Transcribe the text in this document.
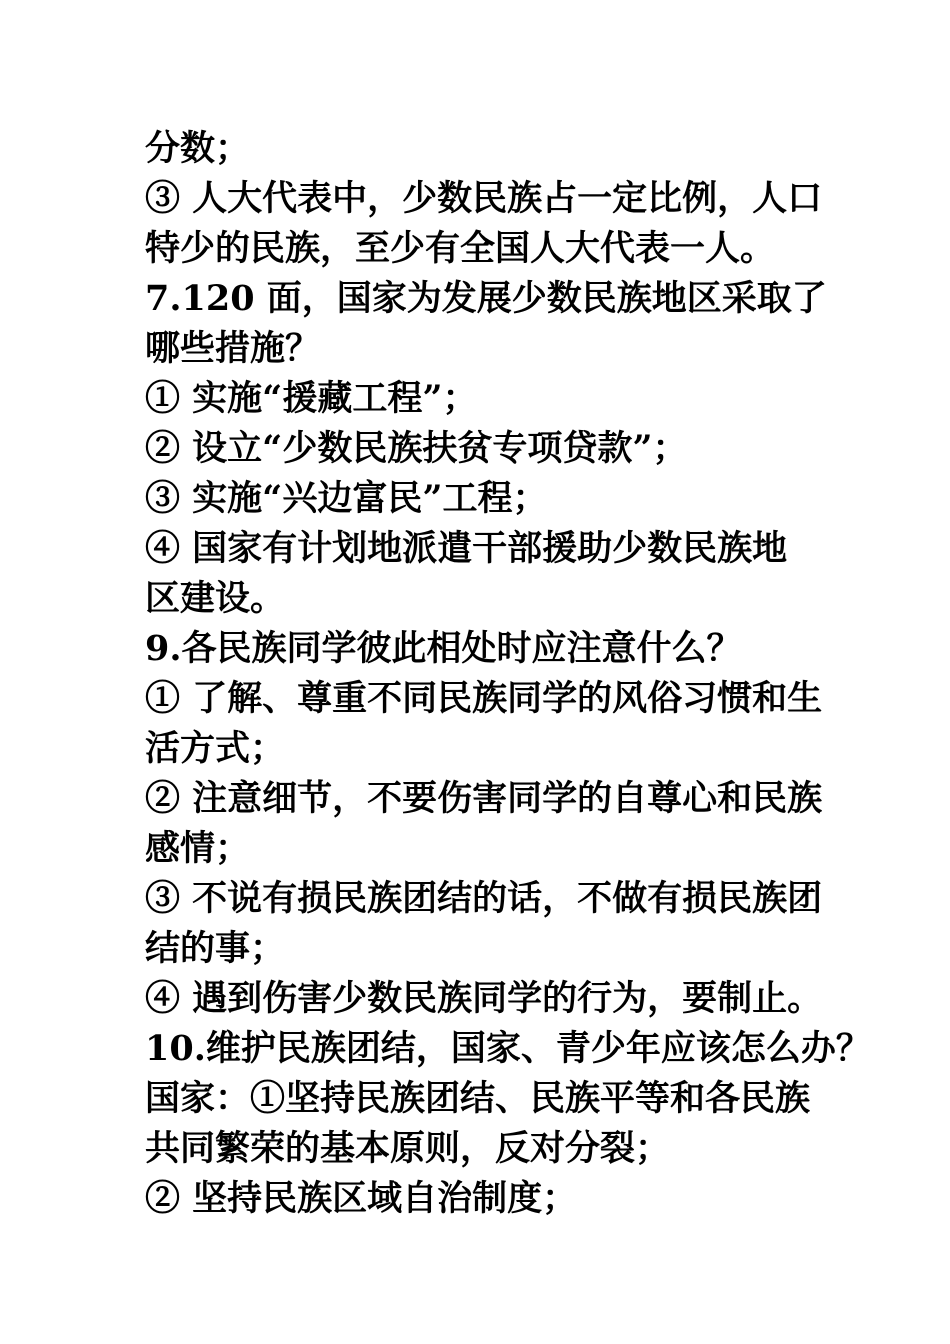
分数；
③ 人大代表中，少数民族占一定比例，人口
特少的民族，至少有全国人大代表一人。
7.120 面，国家为发展少数民族地区采取了
哪些措施？
① 实施“援藏工程”；
② 设立“少数民族扶贫专项贷款”；
③ 实施“兴边富民”工程；
④ 国家有计划地派遣干部援助少数民族地
区建设。
9.各民族同学彼此相处时应注意什么？
① 了解、尊重不同民族同学的风俗习惯和生
活方式；
② 注意细节，不要伤害同学的自尊心和民族
感情；
③ 不说有损民族团结的话，不做有损民族团
结的事；
④ 遇到伤害少数民族同学的行为，要制止。
10.维护民族团结，国家、青少年应该怎么办？
国家：①坚持民族团结、民族平等和各民族
共同繁荣的基本原则，反对分裂；
② 坚持民族区域自治制度；
